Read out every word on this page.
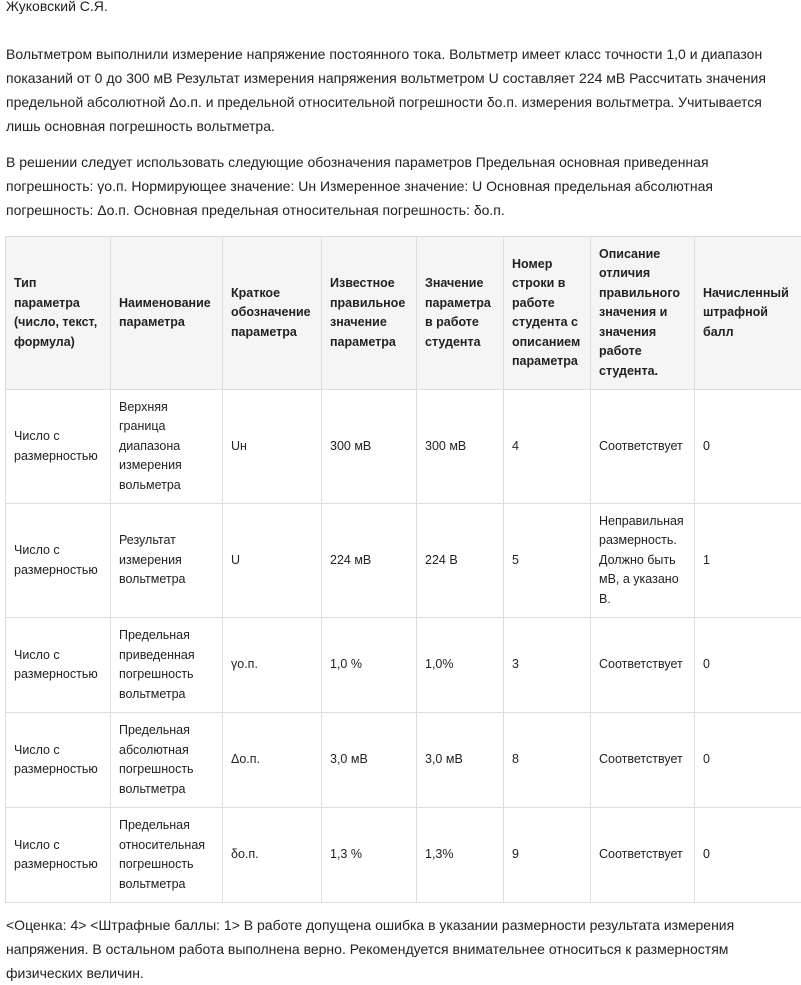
Жуковский С.Я.

Вольтметром выполнили измерение напряжение постоянного тока. Вольтметр имеет класс точности 1,0 и диапазон показаний от 0 до 300 мВ Результат измерения напряжения вольтметром U составляет 224 мВ Рассчитать значения предельной абсолютной Δо.п. и предельной относительной погрешности δо.п. измерения вольтметра. Учитывается лишь основная погрешность вольтметра.

В решении следует использовать следующие обозначения параметров Предельная основная приведенная погрешность: γо.п. Нормирующее значение: Uн Измеренное значение: U Основная предельная абсолютная погрешность: Δо.п. Основная предельная относительная погрешность: δо.п.

Тип параметра (число, текст, формула)	Наименование параметра	Краткое обозначение параметра	Известное правильное значение параметра	Значение параметра в работе студента	Номер строки в работе студента с описанием параметра	Описание отличия правильного значения и значения работе студента.	Начисленный штрафной балл
Число с размерностью	Верхняя граница диапазона измерения вольметра	Uн	300 мВ	300 мВ	4	Соответствует	0
Число с размерностью	Результат измерения вольтметра	U	224 мВ	224 В	5	Неправильная размерность. Должно быть мВ, а указано В.	1
Число с размерностью	Предельная приведенная погрешность вольтметра	γо.п.	1,0 %	1,0%	3	Соответствует	0
Число с размерностью	Предельная абсолютная погрешность вольтметра	Δо.п.	3,0 мВ	3,0 мВ	8	Соответствует	0
Число с размерностью	Предельная относительная погрешность вольтметра	δо.п.	1,3 %	1,3%	9	Соответствует	0

<Оценка: 4> <Штрафные баллы: 1> В работе допущена ошибка в указании размерности результата измерения напряжения. В остальном работа выполнена верно. Рекомендуется внимательнее относиться к размерностям физических величин.
